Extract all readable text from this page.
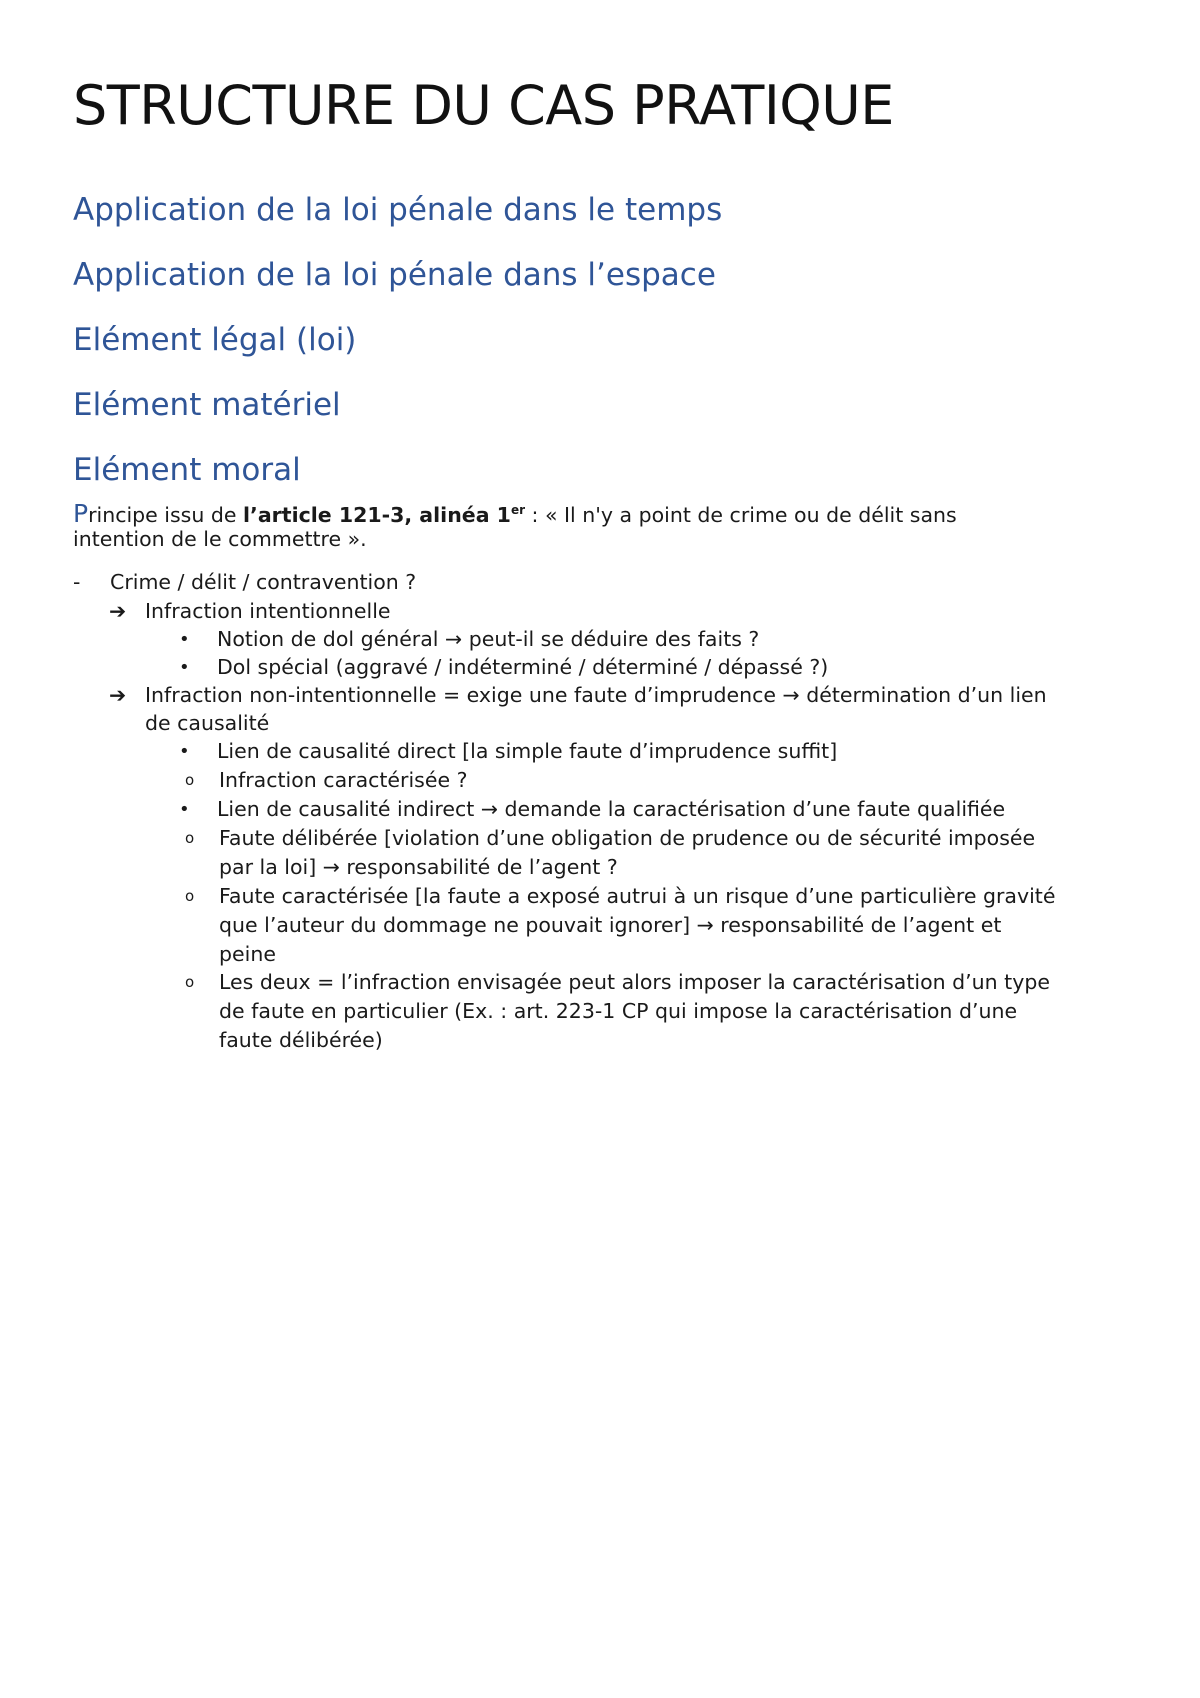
STRUCTURE DU CAS PRATIQUE
Application de la loi pénale dans le temps
Application de la loi pénale dans l’espace
Elément légal (loi)
Elément matériel
Elément moral
Principe issu de l’article 121-3, alinéa 1er : « Il n'y a point de crime ou de délit sans
intention de le commettre ».
- Crime / délit / contravention ?
➔ Infraction intentionnelle
• Notion de dol général → peut-il se déduire des faits ?
• Dol spécial (aggravé / indéterminé / déterminé / dépassé ?)
➔ Infraction non-intentionnelle = exige une faute d’imprudence → détermination d’un lien
de causalité
• Lien de causalité direct [la simple faute d’imprudence suffit]
o Infraction caractérisée ?
• Lien de causalité indirect → demande la caractérisation d’une faute qualifiée
o Faute délibérée [violation d’une obligation de prudence ou de sécurité imposée
par la loi] → responsabilité de l’agent ?
o Faute caractérisée [la faute a exposé autrui à un risque d’une particulière gravité
que l’auteur du dommage ne pouvait ignorer] → responsabilité de l’agent et
peine
o Les deux = l’infraction envisagée peut alors imposer la caractérisation d’un type
de faute en particulier (Ex. : art. 223-1 CP qui impose la caractérisation d’une
faute délibérée)
